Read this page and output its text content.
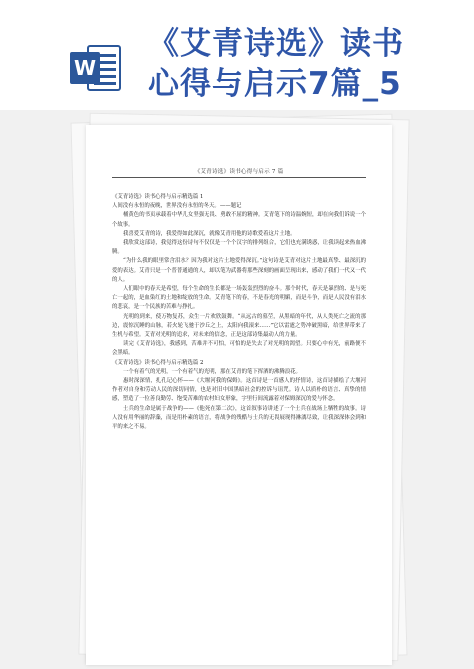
W
《艾青诗选》读书
心得与启示7篇_5
《艾青诗选》读书心得与启示 7 篇

《艾青诗选》读书心得与启示精选篇 1

人间没有永恒的夜晚，世界没有永恒的冬天。——题记

桶黄色的书页承载着中华儿女坚强无畏、勇敢不屈的精神。艾青笔下的诗温婉短，却在向我们诉说一个个故事。

我喜爱艾青的诗，我爱得如此深沉，就像艾青用他的诗歌爱着这片土地。

我欣赏这部诗，我觉得这份诗句不仅仅是一个个汉字的排列组合，它们也充满诱惑，让我读起来热血沸腾。

“为什么我的眼里常含泪水？因为我对这片土地爱得深沉。”这句诗是艾青对这片土地最真挚、最深沉的爱的表达。艾青只是一个普普通通的人，却以笔为武器将那些深刻的画面呈现出来，感动了我们一代又一代的人。

人们眼中的春天是希望，每个生命的生长都是一场轰轰烈烈的奋斗。那个时代，春天是暴烈的、是与死亡一起的，是血染红的土地和绽放的生命。艾青笔下的春，不是春光的明媚，而是斗争，而是人民没有泪水的悲哀，是一个民族的苦难与挣扎。

光明的到来，使万物复苏，众生一片欢欣鼓舞。“从远古的墓茔，从黑暗的年代，从人类死亡之流的那边，震惊沉睡的山脉，若火轮飞驰于沙丘之上，太阳向我滚来……”它以雷霆之势冲破黑暗，给世界带来了生机与希望。艾青对光明的追求，对未来的信念，正是这部诗集最动人的力量。

读完《艾青诗选》，我感到，苦难并不可怕，可怕的是失去了对光明的渴望。只要心中有光，前路便不会黑暗。

《艾青诗选》读书心得与启示精选篇 2

一个有着气的光明，一个有着气的光明，那在艾青的笔下挥洒的沸腾浪花。

惠时深深情，扎孔记心怀——《大堰河我的保姆》。这首诗是一首感人的抒情诗，这首诗描绘了大堰河作者对自身和劳动人民的深切同情，也是对旧中国黑暗社会的控诉与诅咒。诗人以质朴的语言、真挚的情感，塑造了一位善良勤劳、饱受苦难的农村妇女形象，字里行间流露着对保姆深沉的爱与怀念。

士兵的生命是属于战争的——《他死在第二次》，这首叙事诗讲述了一个士兵在战场上牺牲的故事。诗人没有用华丽的辞藻，而是用朴素的语言，将战争的残酷与士兵的无畏展现得淋漓尽致，让我深深体会到和平的来之不易。
